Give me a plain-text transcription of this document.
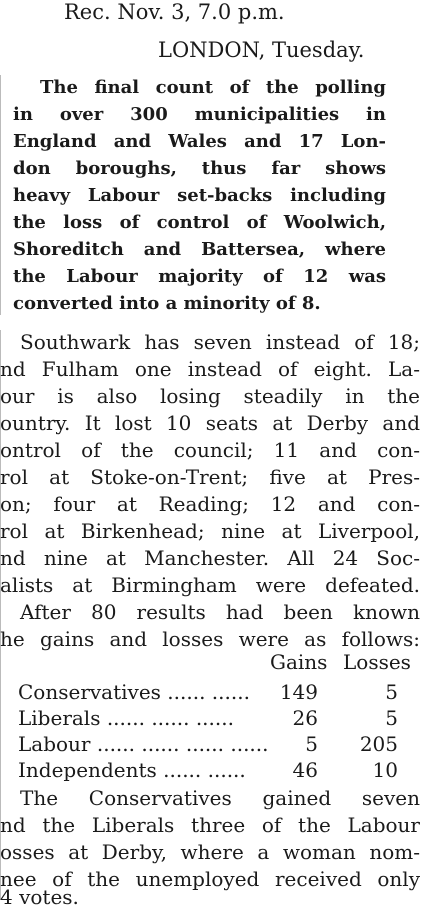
Rec. Nov. 3, 7.0 p.m.
LONDON, Tuesday.
The final count of the polling
in over 300 municipalities in
England and Wales and 17 Lon-
don boroughs, thus far shows
heavy Labour set-backs including
the loss of control of Woolwich,
Shoreditch and Battersea, where
the Labour majority of 12 was
converted into a minority of 8.
Southwark has seven instead of 18;
nd Fulham one instead of eight. La-
our is also losing steadily in the
ountry. It lost 10 seats at Derby and
ontrol of the council; 11 and con-
rol at Stoke-on-Trent; five at Pres-
on; four at Reading; 12 and con-
rol at Birkenhead; nine at Liverpool,
nd nine at Manchester. All 24 Soc-
alists at Birmingham were defeated.
After 80 results had been known
he gains and losses were as follows:
Gains Losses
Conservatives ...... ...... 149	5
Liberals ...... ...... ......	26	5
Labour ...... ...... ...... ...... 5 205
Independents ...... ...... 46	10
The Conservatives gained seven
nd the Liberals three of the Labour
osses at Derby, where a woman nom-
nee of the unemployed received only
4 votes.
